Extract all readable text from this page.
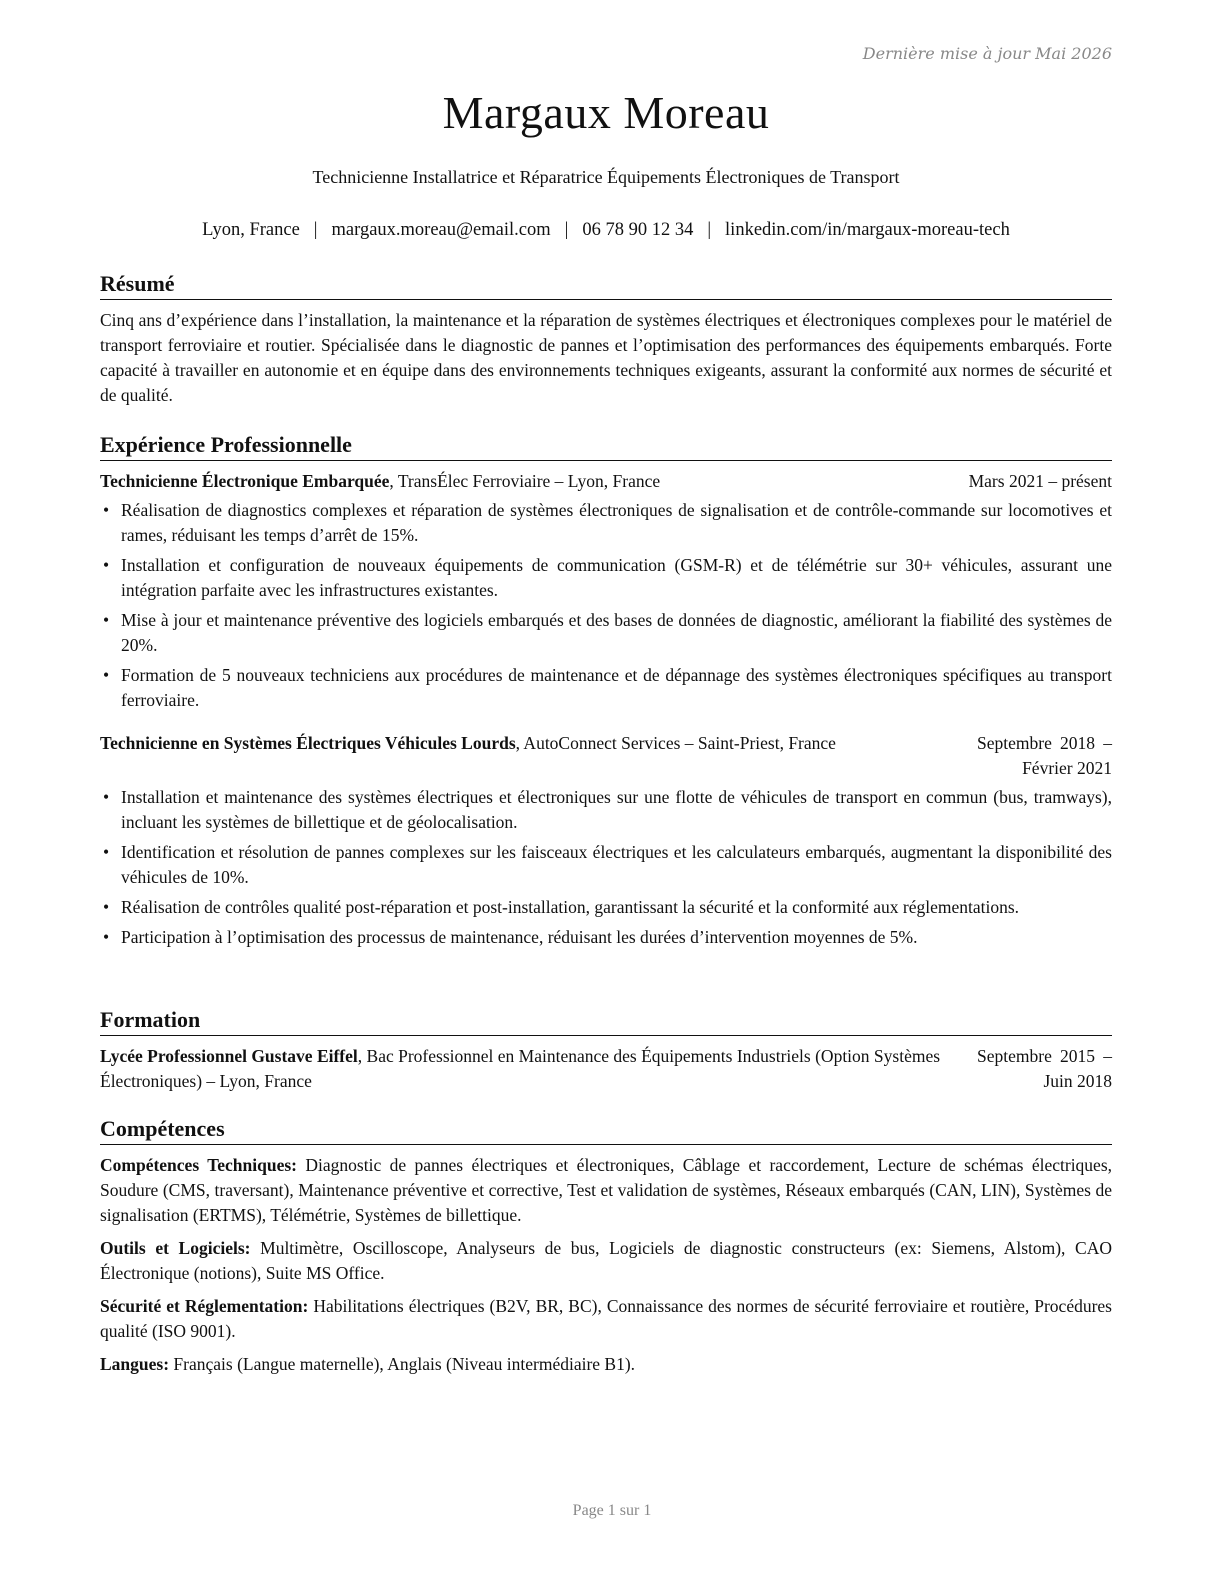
Dernière mise à jour Mai 2026
Margaux Moreau
Technicienne Installatrice et Réparatrice Équipements Électroniques de Transport
Lyon, France | margaux.moreau@email.com | 06 78 90 12 34 | linkedin.com/in/margaux-moreau-tech
Résumé

Cinq ans d’expérience dans l’installation, la maintenance et la réparation de systèmes électriques et électroniques complexes pour le matériel de transport ferroviaire et routier. Spécialisée dans le diagnostic de pannes et l’optimisation des performances des équipements embarqués. Forte capacité à travailler en autonomie et en équipe dans des environnements techniques exigeants, assurant la conformité aux normes de sécurité et de qualité.

Expérience Professionnelle
Technicienne Électronique Embarquée, TransÉlec Ferroviaire – Lyon, France	Mars 2021 – présent
• Réalisation de diagnostics complexes et réparation de systèmes électroniques de signalisation et de contrôle-commande sur locomotives et rames, réduisant les temps d’arrêt de 15%.
• Installation et configuration de nouveaux équipements de communication (GSM-R) et de télémétrie sur 30+ véhicules, assurant une intégration parfaite avec les infrastructures existantes.
• Mise à jour et maintenance préventive des logiciels embarqués et des bases de données de diagnostic, améliorant la fiabilité des systèmes de 20%.
• Formation de 5 nouveaux techniciens aux procédures de maintenance et de dépannage des systèmes électroniques spécifiques au transport ferroviaire.
Technicienne en Systèmes Électriques Véhicules Lourds, AutoConnect Services – Saint-Priest, France	Septembre 2018 – Février 2021
• Installation et maintenance des systèmes électriques et électroniques sur une flotte de véhicules de transport en commun (bus, tramways), incluant les systèmes de billettique et de géolocalisation.
• Identification et résolution de pannes complexes sur les faisceaux électriques et les calculateurs embarqués, augmentant la disponibilité des véhicules de 10%.
• Réalisation de contrôles qualité post-réparation et post-installation, garantissant la sécurité et la conformité aux réglementations.
• Participation à l’optimisation des processus de maintenance, réduisant les durées d’intervention moyennes de 5%.
Formation
Lycée Professionnel Gustave Eiffel, Bac Professionnel en Maintenance des Équipements Industriels (Option Systèmes Électroniques) – Lyon, France
Septembre 2015 – Juin 2018
Compétences

Compétences Techniques: Diagnostic de pannes électriques et électroniques, Câblage et raccordement, Lecture de schémas électriques, Soudure (CMS, traversant), Maintenance préventive et corrective, Test et validation de systèmes, Réseaux embarqués (CAN, LIN), Systèmes de signalisation (ERTMS), Télémétrie, Systèmes de billettique.

Outils et Logiciels: Multimètre, Oscilloscope, Analyseurs de bus, Logiciels de diagnostic constructeurs (ex: Siemens, Alstom), CAO Électronique (notions), Suite MS Office.

Sécurité et Réglementation: Habilitations électriques (B2V, BR, BC), Connaissance des normes de sécurité ferroviaire et routière, Procédures qualité (ISO 9001).

Langues: Français (Langue maternelle), Anglais (Niveau intermédiaire B1).

Page 1 sur 1
